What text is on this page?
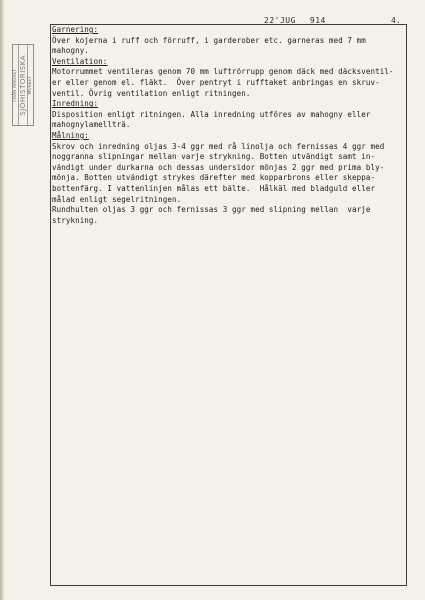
22'JUG 914	4.
FRÅN ARKIVET SJÖHISTORISKA MUSEET
Garnering:
Över kojerna i ruff och förruff, i garderober etc. garneras med 7 mm
mahogny.
Ventilation:
Motorrummet ventileras genom 70 mm luftrörrupp genom däck med däcksventil-
er eller genom el. fläkt.  Över pentryt i rufftaket anbringas en skruv-
ventil. Övrig ventilation enligt ritningen.
Inredning:
Disposition enligt ritningen. Alla inredning utföres av mahogny eller
mahognylamellträ.
Målning:
Skrov och inredning oljas 3-4 ggr med rå linolja och fernissas 4 ggr med
noggranna slipningar mellan varje strykning. Botten utvändigt samt in-
vändigt under durkarna och dessas undersidor mönjas 2 ggr med prima bly-
mönja. Botten utvändigt strykes därefter med kopparbrons eller skeppa-
bottenfärg. I vattenlinjen målas ett bälte.  Hålkäl med bladguld eller
målad enligt segelritningen.
Rundhulten oljas 3 ggr och fernissas 3 ggr med slipning mellan  varje
strykning.
